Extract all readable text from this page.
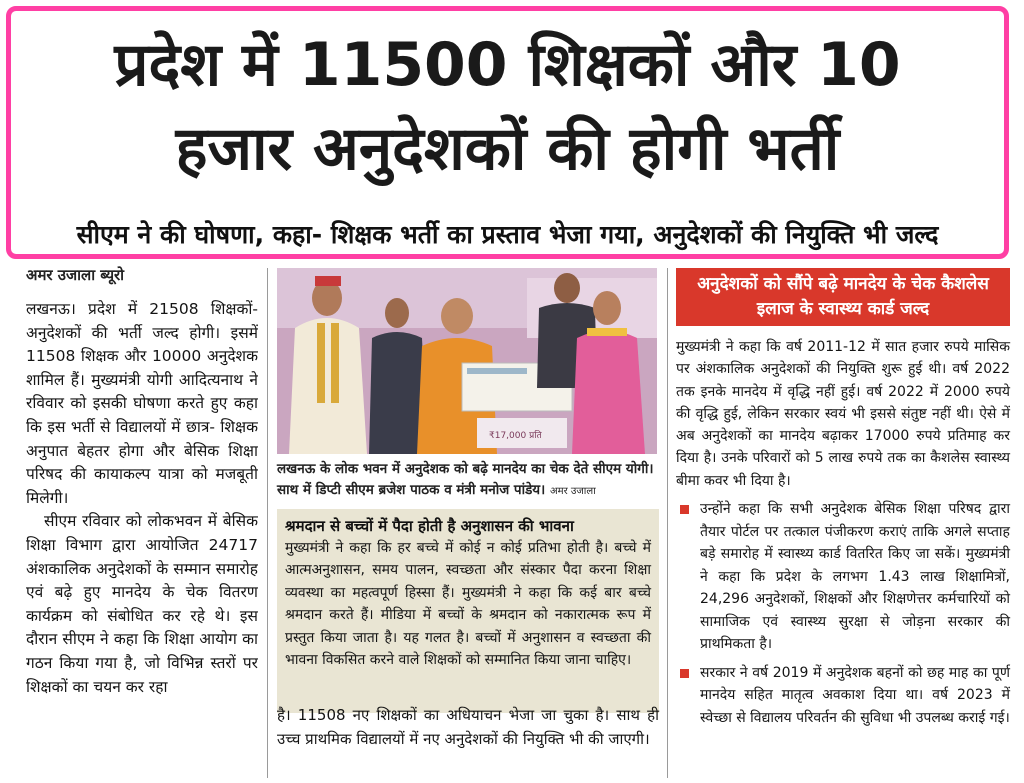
प्रदेश में 11500 शिक्षकों और 10
हजार अनुदेशकों की होगी भर्ती
सीएम ने की घोषणा, कहा- शिक्षक भर्ती का प्रस्ताव भेजा गया, अनुदेशकों की नियुक्ति भी जल्द
अमर उजाला ब्यूरो

लखनऊ। प्रदेश में 21508 शिक्षकों- अनुदेशकों की भर्ती जल्द होगी। इसमें 11508 शिक्षक और 10000 अनुदेशक शामिल हैं। मुख्यमंत्री योगी आदित्यनाथ ने रविवार को इसकी घोषणा करते हुए कहा कि इस भर्ती से विद्यालयों में छात्र- शिक्षक अनुपात बेहतर होगा और बेसिक शिक्षा परिषद की कायाकल्प यात्रा को मजबूती मिलेगी।

सीएम रविवार को लोकभवन में बेसिक शिक्षा विभाग द्वारा आयोजित 24717 अंशकालिक अनुदेशकों के सम्मान समारोह एवं बढ़े हुए मानदेय के चेक वितरण कार्यक्रम को संबोधित कर रहे थे। इस दौरान सीएम ने कहा कि शिक्षा आयोग का गठन किया गया है, जो विभिन्न स्तरों पर शिक्षकों का चयन कर रहा

₹17,000 प्रति
लखनऊ के लोक भवन में अनुदेशक को बढ़े मानदेय का चेक देते सीएम योगी। साथ में डिप्टी सीएम ब्रजेश पाठक व मंत्री मनोज पांडेय। अमर उजाला
श्रमदान से बच्चों में पैदा होती है अनुशासन की भावना

मुख्यमंत्री ने कहा कि हर बच्चे में कोई न कोई प्रतिभा होती है। बच्चे में आत्मअनुशासन, समय पालन, स्वच्छता और संस्कार पैदा करना शिक्षा व्यवस्था का महत्वपूर्ण हिस्सा हैं। मुख्यमंत्री ने कहा कि कई बार बच्चे श्रमदान करते हैं। मीडिया में बच्चों के श्रमदान को नकारात्मक रूप में प्रस्तुत किया जाता है। यह गलत है। बच्चों में अनुशासन व स्वच्छता की भावना विकसित करने वाले शिक्षकों को सम्मानित किया जाना चाहिए।

है। 11508 नए शिक्षकों का अधियाचन भेजा जा चुका है। साथ ही उच्च प्राथमिक विद्यालयों में नए अनुदेशकों की नियुक्ति भी की जाएगी।

अनुदेशकों को सौंपे बढ़े मानदेय के चेक कैशलेस इलाज के स्वास्थ्य कार्ड जल्द

मुख्यमंत्री ने कहा कि वर्ष 2011-12 में सात हजार रुपये मासिक पर अंशकालिक अनुदेशकों की नियुक्ति शुरू हुई थी। वर्ष 2022 तक इनके मानदेय में वृद्धि नहीं हुई। वर्ष 2022 में 2000 रुपये की वृद्धि हुई, लेकिन सरकार स्वयं भी इससे संतुष्ट नहीं थी। ऐसे में अब अनुदेशकों का मानदेय बढ़ाकर 17000 रुपये प्रतिमाह कर दिया है। उनके परिवारों को 5 लाख रुपये तक का कैशलेस स्वास्थ्य बीमा कवर भी दिया है।

उन्होंने कहा कि सभी अनुदेशक बेसिक शिक्षा परिषद द्वारा तैयार पोर्टल पर तत्काल पंजीकरण कराएं ताकि अगले सप्ताह बड़े समारोह में स्वास्थ्य कार्ड वितरित किए जा सकें। मुख्यमंत्री ने कहा कि प्रदेश के लगभग 1.43 लाख शिक्षामित्रों, 24,296 अनुदेशकों, शिक्षकों और शिक्षणेत्तर कर्मचारियों को सामाजिक एवं स्वास्थ्य सुरक्षा से जोड़ना सरकार की प्राथमिकता है।
सरकार ने वर्ष 2019 में अनुदेशक बहनों को छह माह का पूर्ण मानदेय सहित मातृत्व अवकाश दिया था। वर्ष 2023 में स्वेच्छा से विद्यालय परिवर्तन की सुविधा भी उपलब्ध कराई गई।
